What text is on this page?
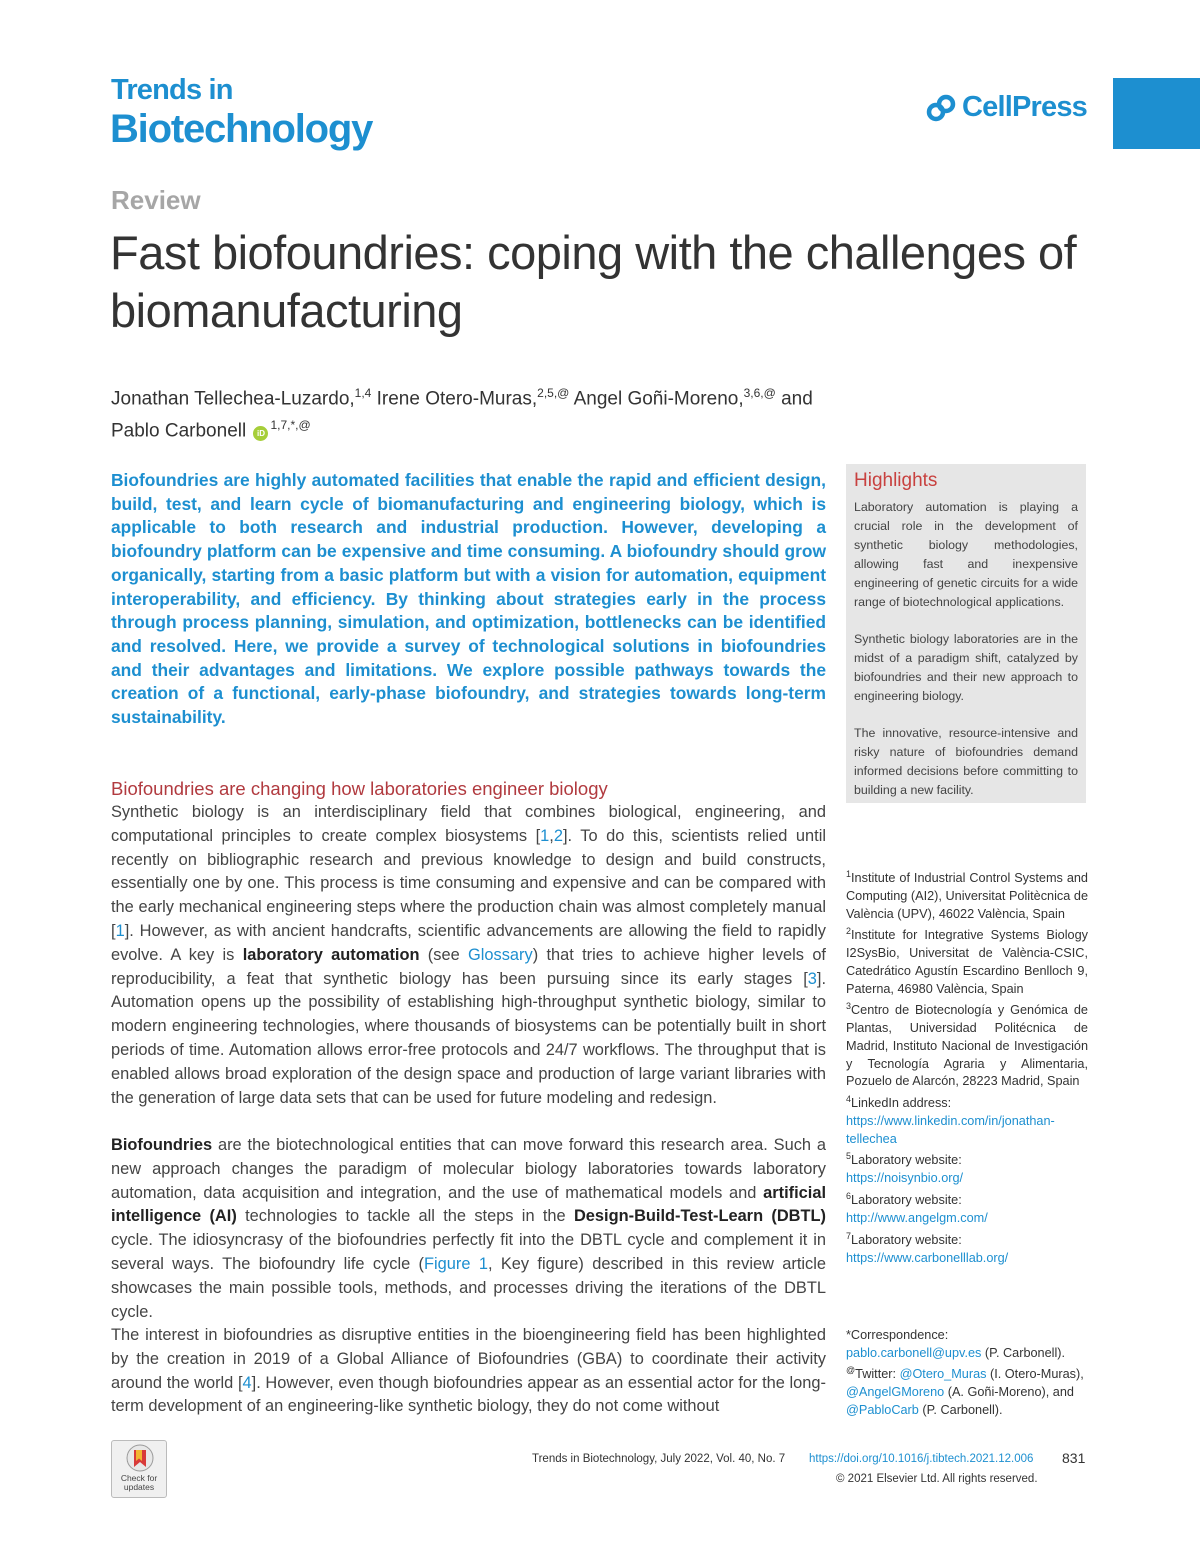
Trends in
Biotechnology	CellPress
Review
Fast biofoundries: coping with the challenges of biomanufacturing
Jonathan Tellechea-Luzardo,$^{1,4}$ Irene Otero-Muras,$^{2,5,@}$ Angel Goñi-Moreno,$^{3,6,@}$ and
Pablo Carbonell $iD^{1,7,*,@}$
Biofoundries are highly automated facilities that enable the rapid and efficient design, build, test, and learn cycle of biomanufacturing and engineering biology, which is applicable to both research and industrial production. However, developing a biofoundry platform can be expensive and time consuming. A biofoundry should grow organically, starting from a basic platform but with a vision for automation, equipment interoperability, and efficiency. By thinking about strategies early in the process through process planning, simulation, and optimization, bottlenecks can be identified and resolved. Here, we provide a survey of technological solutions in biofoundries and their advantages and limitations. We explore possible pathways towards the creation of a functional, early-phase biofoundry, and strategies towards long-term sustainability.
Highlights

Laboratory automation is playing a crucial role in the development of synthetic biology methodologies, allowing fast and inexpensive engineering of genetic circuits for a wide range of biotechnological applications.

Synthetic biology laboratories are in the midst of a paradigm shift, catalyzed by biofoundries and their new approach to engineering biology.

The innovative, resource-intensive and risky nature of biofoundries demand informed decisions before committing to building a new facility.

Biofoundries are changing how laboratories engineer biology

Synthetic biology is an interdisciplinary field that combines biological, engineering, and computational principles to create complex biosystems [1,2]. To do this, scientists relied until recently on bibliographic research and previous knowledge to design and build constructs, essentially one by one. This process is time consuming and expensive and can be compared with the early mechanical engineering steps where the production chain was almost completely manual [1]. However, as with ancient handcrafts, scientific advancements are allowing the field to rapidly evolve. A key is laboratory automation (see Glossary) that tries to achieve higher levels of reproducibility, a feat that synthetic biology has been pursuing since its early stages [3]. Automation opens up the possibility of establishing high-throughput synthetic biology, similar to modern engineering technologies, where thousands of biosystems can be potentially built in short periods of time. Automation allows error-free protocols and 24/7 workflows. The throughput that is enabled allows broad exploration of the design space and production of large variant libraries with the generation of large data sets that can be used for future modeling and redesign.

Biofoundries are the biotechnological entities that can move forward this research area. Such a new approach changes the paradigm of molecular biology laboratories towards laboratory automation, data acquisition and integration, and the use of mathematical models and artificial intelligence (AI) technologies to tackle all the steps in the Design-Build-Test-Learn (DBTL) cycle. The idiosyncrasy of the biofoundries perfectly fit into the DBTL cycle and complement it in several ways. The biofoundry life cycle (Figure 1, Key figure) described in this review article showcases the main possible tools, methods, and processes driving the iterations of the DBTL cycle.

The interest in biofoundries as disruptive entities in the bioengineering field has been highlighted by the creation in 2019 of a Global Alliance of Biofoundries (GBA) to coordinate their activity around the world [4]. However, even though biofoundries appear as an essential actor for the long-term development of an engineering-like synthetic biology, they do not come without

$^1$Institute of Industrial Control Systems and Computing (AI2), Universitat Politècnica de València (UPV), 46022 València, Spain
$^2$Institute for Integrative Systems Biology I2SysBio, Universitat de València-CSIC, Catedrático Agustín Escardino Benlloch 9, Paterna, 46980 València, Spain
$^3$Centro de Biotecnología y Genómica de Plantas, Universidad Politécnica de Madrid, Instituto Nacional de Investigación y Tecnología Agraria y Alimentaria, Pozuelo de Alarcón, 28223 Madrid, Spain
$^4$LinkedIn address:
https://www.linkedin.com/in/jonathan-tellechea
$^5$Laboratory website:
https://noisynbio.org/
$^6$Laboratory website:
http://www.angelgm.com/
$^7$Laboratory website:
https://www.carbonelllab.org/
*Correspondence:
pablo.carbonell@upv.es (P. Carbonell).
@Twitter: @Otero_Muras (I. Otero-Muras),
@AngelGMoreno (A. Goñi-Moreno), and
@PabloCarb (P. Carbonell).
Check for updates
Trends in Biotechnology, July 2022, Vol. 40, No. 7 https://doi.org/10.1016/j.tibtech.2021.12.006 831
© 2021 Elsevier Ltd. All rights reserved.
